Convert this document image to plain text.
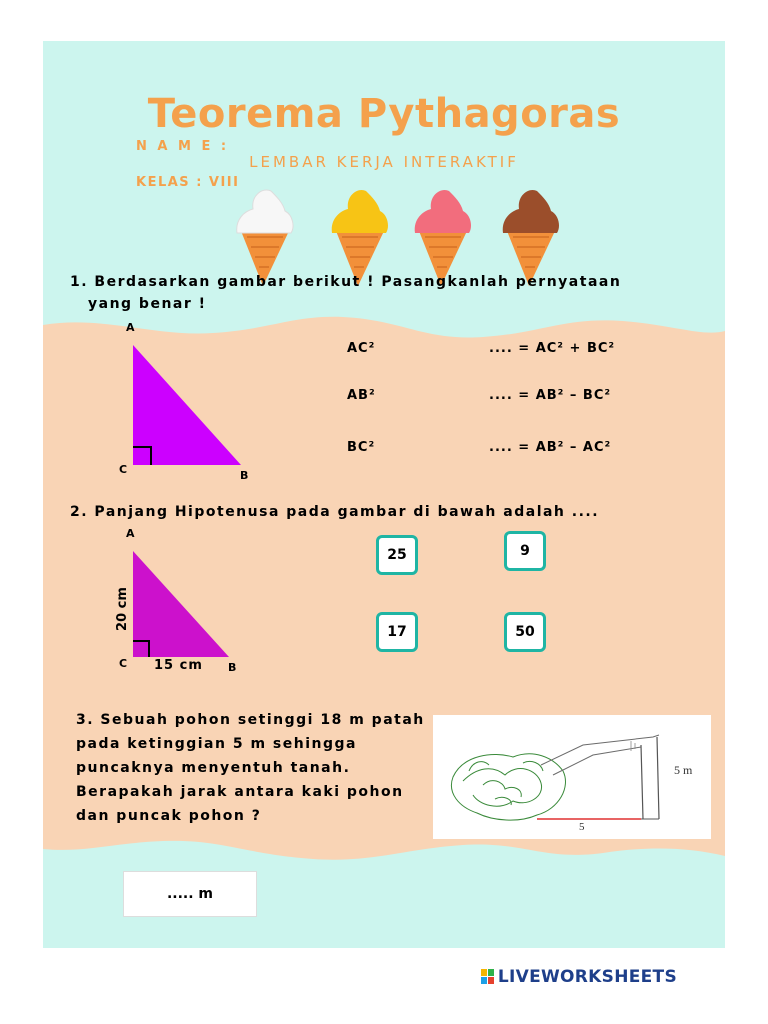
Teorema Pythagoras
LEMBAR KERJA INTERAKTIF
N A M E :
KELAS : VIII
1. Berdasarkan gambar berikut ! Pasangkanlah pernyataan
yang benar !
A
C	B
AC²
AB²
BC²
.... = AC² + BC²
.... = AB² – BC²
.... = AB² – AC²
2. Panjang Hipotenusa pada gambar di bawah adalah ....
A
C	B
20 cm
15 cm
25	9
17	50
3. Sebuah pohon setinggi 18 m patah
pada ketinggian 5 m sehingga
puncaknya menyentuh tanah.
Berapakah jarak antara kaki pohon
dan puncak pohon ?
5 m
5
..... m
LIVEWORKSHEETS
